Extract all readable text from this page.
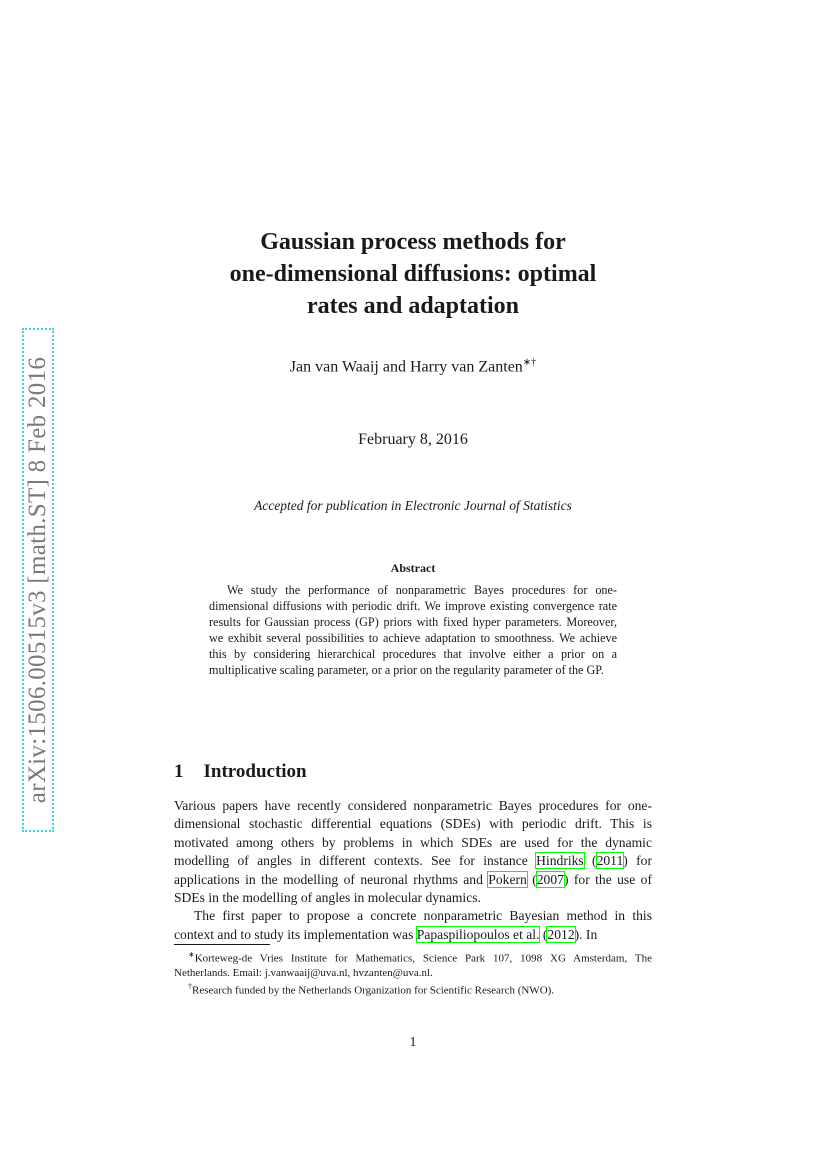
arXiv:1506.00515v3 [math.ST] 8 Feb 2016
Gaussian process methods for
one-dimensional diffusions: optimal
rates and adaptation
Jan van Waaij and Harry van Zanten∗†
February 8, 2016
Accepted for publication in Electronic Journal of Statistics
Abstract
We study the performance of nonparametric Bayes procedures for one-dimensional diffusions with periodic drift. We improve existing convergence rate results for Gaussian process (GP) priors with fixed hyper parameters. Moreover, we exhibit several possibilities to achieve adaptation to smoothness. We achieve this by considering hierarchical procedures that involve either a prior on a multiplicative scaling parameter, or a prior on the regularity parameter of the GP.
1 Introduction

Various papers have recently considered nonparametric Bayes procedures for one-dimensional stochastic differential equations (SDEs) with periodic drift. This is motivated among others by problems in which SDEs are used for the dynamic modelling of angles in different contexts. See for instance Hindriks (2011) for applications in the modelling of neuronal rhythms and Pokern (2007) for the use of SDEs in the modelling of angles in molecular dynamics.

The first paper to propose a concrete nonparametric Bayesian method in this context and to study its implementation was Papaspiliopoulos et al. (2012). In

∗Korteweg-de Vries Institute for Mathematics, Science Park 107, 1098 XG Amsterdam, The Netherlands. Email: j.vanwaaij@uva.nl, hvzanten@uva.nl.

†Research funded by the Netherlands Organization for Scientific Research (NWO).

1
